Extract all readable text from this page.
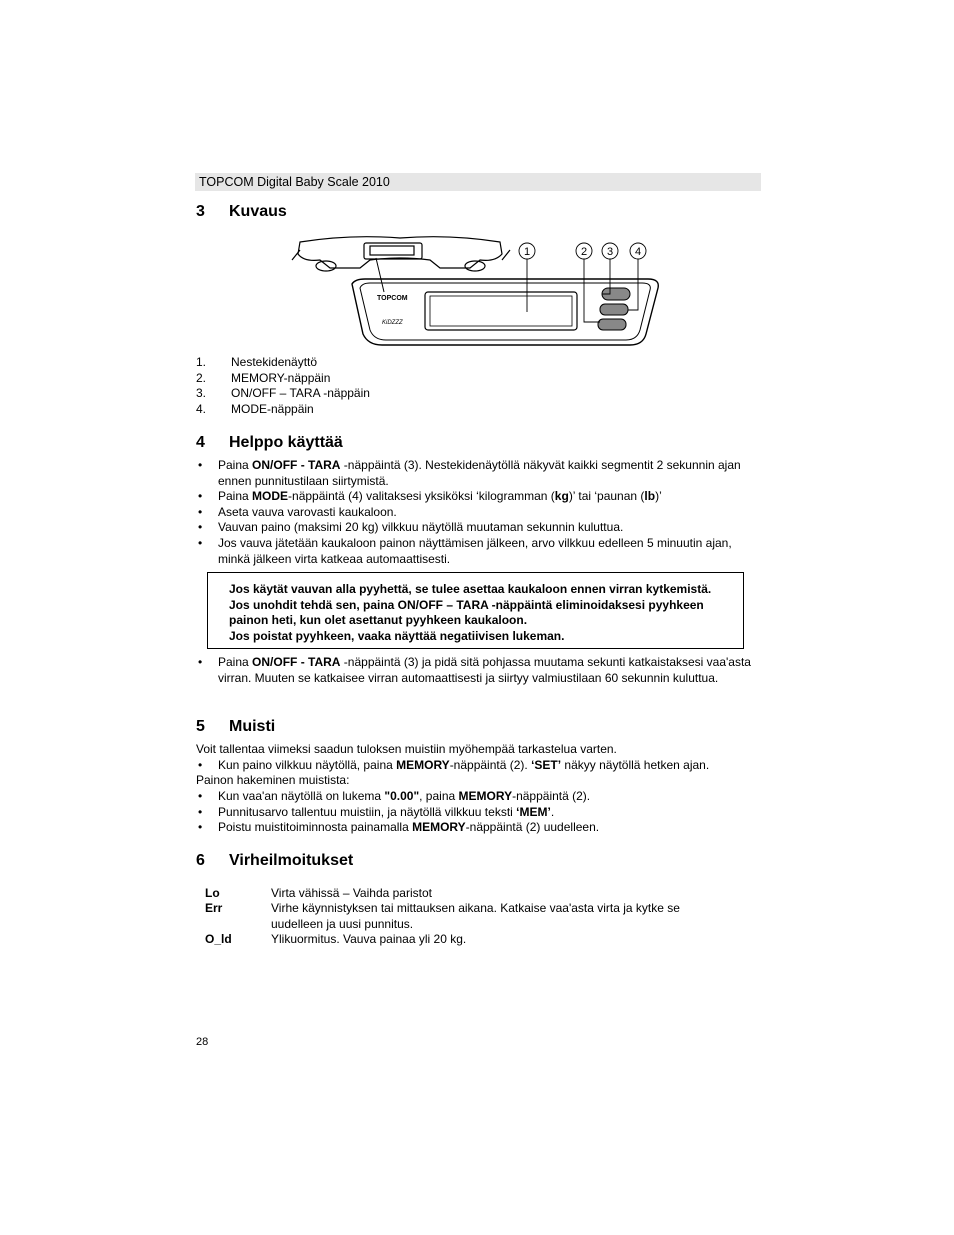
TOPCOM Digital Baby Scale 2010
3 Kuvaus
TOPCOM
KiDZZZ
1	2 3 4
1. Nestekidenäyttö
2. MEMORY-näppäin
3. ON/OFF – TARA -näppäin
4. MODE-näppäin
4 Helppo käyttää
• Paina ON/OFF - TARA -näppäintä (3). Nestekidenäytöllä näkyvät kaikki segmentit 2 sekunnin ajan ennen punnitustilaan siirtymistä.
• Paina MODE-näppäintä (4) valitaksesi yksiköksi ‘kilogramman (kg)’ tai ‘paunan (lb)’
• Aseta vauva varovasti kaukaloon.
• Vauvan paino (maksimi 20 kg) vilkkuu näytöllä muutaman sekunnin kuluttua.
• Jos vauva jätetään kaukaloon painon näyttämisen jälkeen, arvo vilkkuu edelleen 5 minuutin ajan, minkä jälkeen virta katkeaa automaattisesti.
Jos käytät vauvan alla pyyhettä, se tulee asettaa kaukaloon ennen virran kytkemistä.
Jos unohdit tehdä sen, paina ON/OFF – TARA -näppäintä eliminoidaksesi pyyhkeen painon heti, kun olet asettanut pyyhkeen kaukaloon.
Jos poistat pyyhkeen, vaaka näyttää negatiivisen lukeman.
• Paina ON/OFF - TARA -näppäintä (3) ja pidä sitä pohjassa muutama sekunti katkaistaksesi vaa'asta virran. Muuten se katkaisee virran automaattisesti ja siirtyy valmiustilaan 60 sekunnin kuluttua.
5 Muisti
Voit tallentaa viimeksi saadun tuloksen muistiin myöhempää tarkastelua varten.
• Kun paino vilkkuu näytöllä, paina MEMORY-näppäintä (2). ‘SET’ näkyy näytöllä hetken ajan.
Painon hakeminen muistista:
• Kun vaa'an näytöllä on lukema "0.00", paina MEMORY-näppäintä (2).
• Punnitusarvo tallentuu muistiin, ja näytöllä vilkkuu teksti ‘MEM’.
• Poistu muistitoiminnosta painamalla MEMORY-näppäintä (2) uudelleen.
6 Virheilmoitukset
Lo	Virta vähissä – Vaihda paristot
Err	Virhe käynnistyksen tai mittauksen aikana. Katkaise vaa'asta virta ja kytke se uudelleen ja uusi punnitus.
O_ld	Ylikuormitus. Vauva painaa yli 20 kg.
28
